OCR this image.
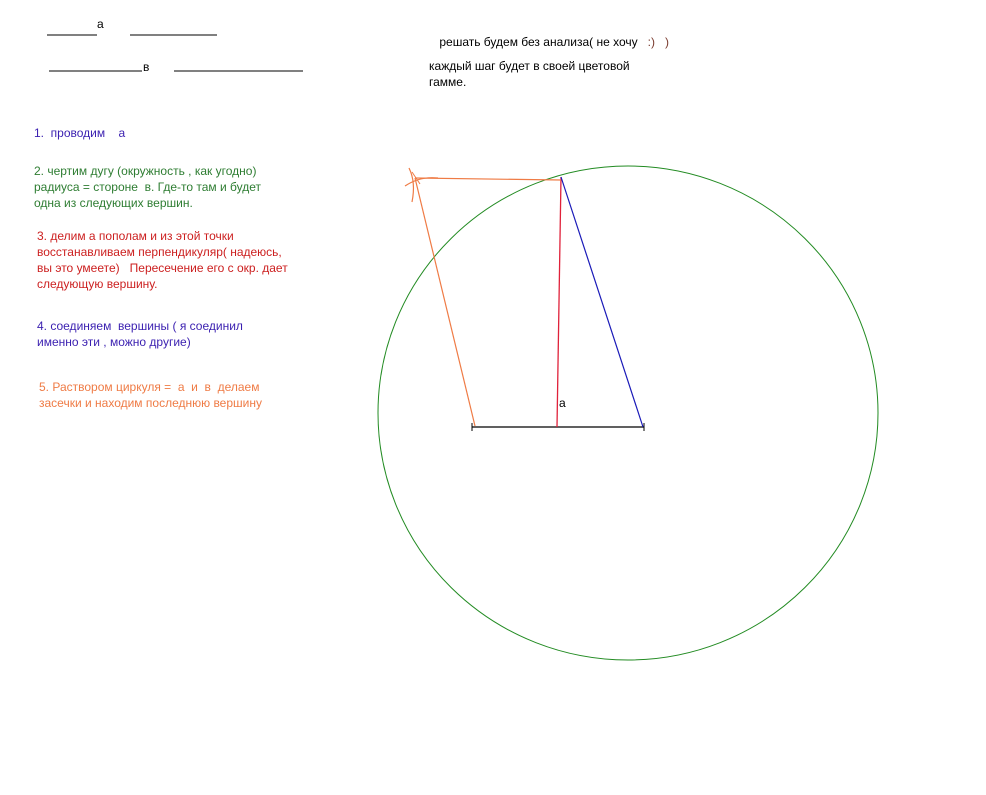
а
в

решать будем без анализа( не хочу :) )

каждый шаг будет в своей цветовой
гамме.
1.  проводим    а
2. чертим дугу (окружность , как угодно)
радиуса = стороне  в. Где-то там и будет
одна из следующих вершин.
3. делим а пополам и из этой точки
восстанавливаем перпендикуляр( надеюсь,
вы это умеете)   Пересечение его с окр. дает
следующую вершину.
4. соединяем  вершины ( я соединил
именно эти , можно другие)
5. Раствором циркуля =  а  и  в  делаем
засечки и находим последнюю вершину	а
